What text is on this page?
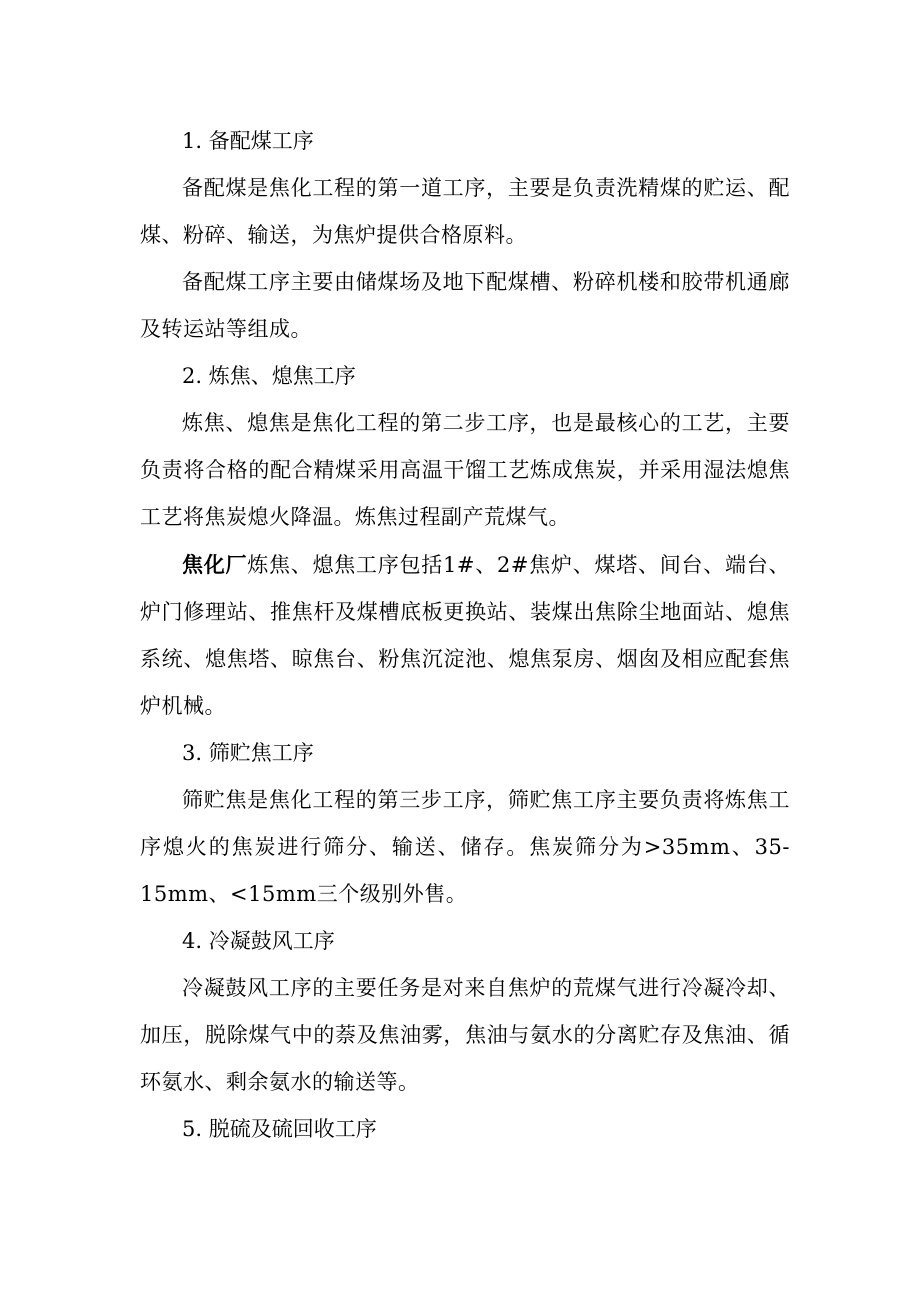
1. 备配煤工序

备配煤是焦化工程的第一道工序，主要是负责洗精煤的贮运、配煤、粉碎、输送，为焦炉提供合格原料。

备配煤工序主要由储煤场及地下配煤槽、粉碎机楼和胶带机通廊及转运站等组成。

2. 炼焦、熄焦工序

炼焦、熄焦是焦化工程的第二步工序，也是最核心的工艺，主要负责将合格的配合精煤采用高温干馏工艺炼成焦炭，并采用湿法熄焦工艺将焦炭熄火降温。炼焦过程副产荒煤气。

焦化厂炼焦、熄焦工序包括1#、2#焦炉、煤塔、间台、端台、炉门修理站、推焦杆及煤槽底板更换站、装煤出焦除尘地面站、熄焦系统、熄焦塔、晾焦台、粉焦沉淀池、熄焦泵房、烟囱及相应配套焦炉机械。

3. 筛贮焦工序

筛贮焦是焦化工程的第三步工序，筛贮焦工序主要负责将炼焦工序熄火的焦炭进行筛分、输送、储存。焦炭筛分为>35mm、35-15mm、<15mm三个级别外售。

4. 冷凝鼓风工序

冷凝鼓风工序的主要任务是对来自焦炉的荒煤气进行冷凝冷却、加压，脱除煤气中的萘及焦油雾，焦油与氨水的分离贮存及焦油、循环氨水、剩余氨水的输送等。

5. 脱硫及硫回收工序
